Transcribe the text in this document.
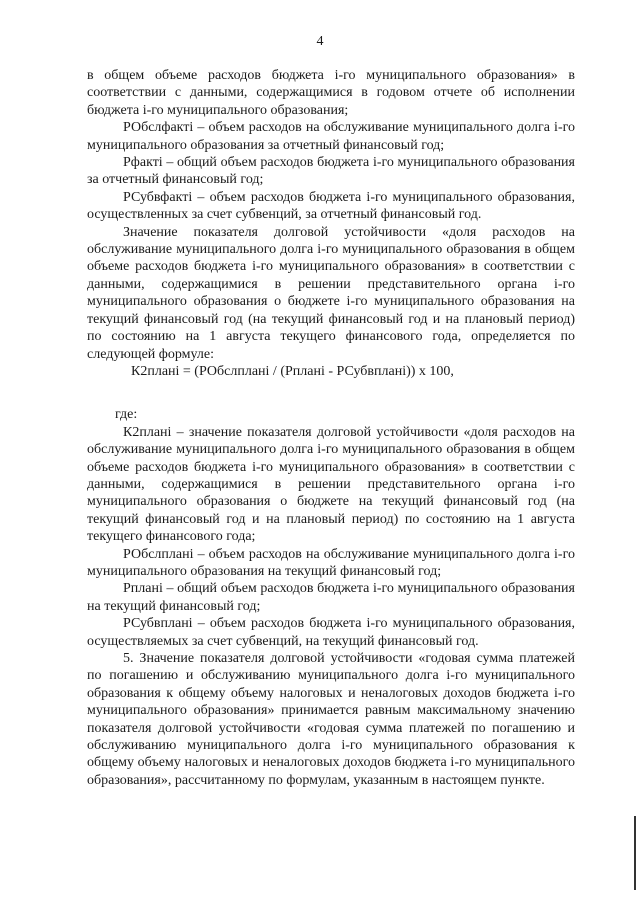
4

в общем объеме расходов бюджета i-го муниципального образования» в соответствии с данными, содержащимися в годовом отчете об исполнении бюджета i-го муниципального образования;

РОбслфакті – объем расходов на обслуживание муниципального долга i-го муниципального образования за отчетный финансовый год;

Рфакті – общий объем расходов бюджета i-го муниципального образования за отчетный финансовый год;

РСубвфакті – объем расходов бюджета i-го муниципального образования, осуществленных за счет субвенций, за отчетный финансовый год.

Значение показателя долговой устойчивости «доля расходов на обслуживание муниципального долга i-го муниципального образования в общем объеме расходов бюджета i-го муниципального образования» в соответствии с данными, содержащимися в решении представительного органа i-го муниципального образования о бюджете i-го муниципального образования на текущий финансовый год (на текущий финансовый год и на плановый период) по состоянию на 1 августа текущего финансового года, определяется по следующей формуле:

К2плані = (РОбслплані / (Рплані - РСубвплані)) х 100,

где:

К2плані – значение показателя долговой устойчивости «доля расходов на обслуживание муниципального долга i-го муниципального образования в общем объеме расходов бюджета i-го муниципального образования» в соответствии с данными, содержащимися в решении представительного органа i-го муниципального образования о бюджете на текущий финансовый год (на текущий финансовый год и на плановый период) по состоянию на 1 августа текущего финансового года;

РОбслплані – объем расходов на обслуживание муниципального долга i-го муниципального образования на текущий финансовый год;

Рплані – общий объем расходов бюджета i-го муниципального образования на текущий финансовый год;

РСубвплані – объем расходов бюджета i-го муниципального образования, осуществляемых за счет субвенций, на текущий финансовый год.

5. Значение показателя долговой устойчивости «годовая сумма платежей по погашению и обслуживанию муниципального долга i-го муниципального образования к общему объему налоговых и неналоговых доходов бюджета i-го муниципального образования» принимается равным максимальному значению показателя долговой устойчивости «годовая сумма платежей по погашению и обслуживанию муниципального долга i-го муниципального образования к общему объему налоговых и неналоговых доходов бюджета i-го муниципального образования», рассчитанному по формулам, указанным в настоящем пункте.
